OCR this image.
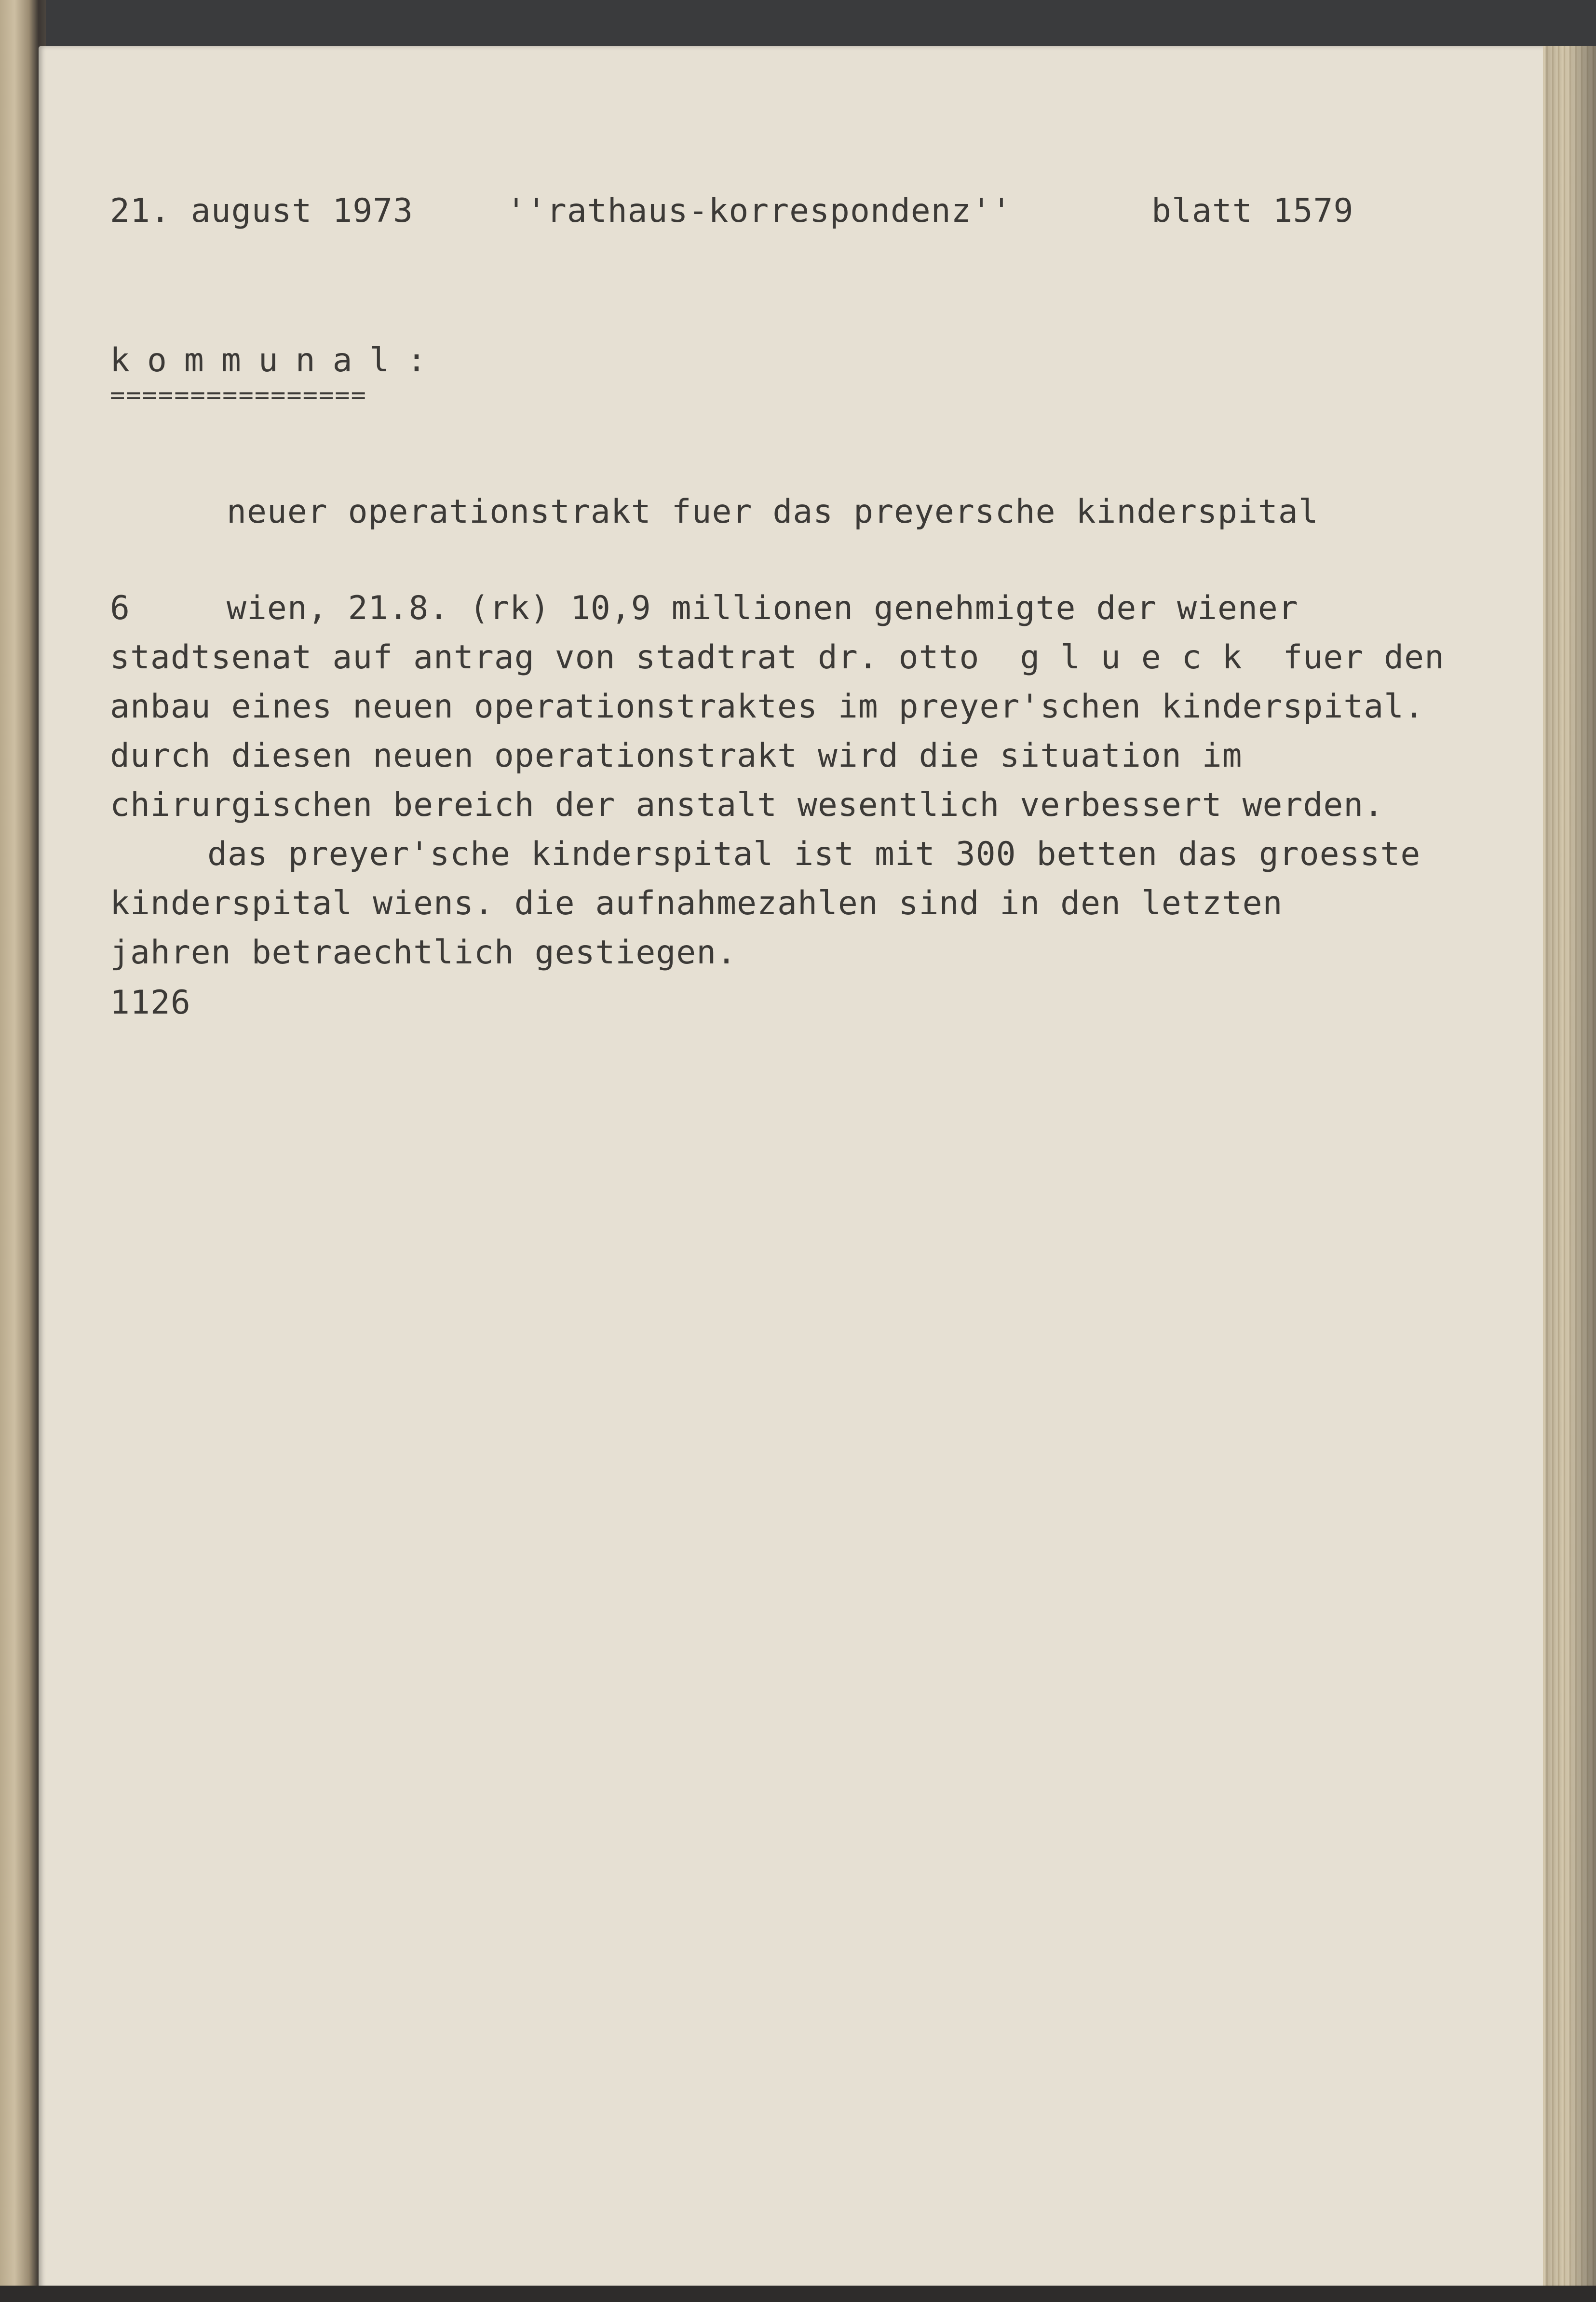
21. august 1973	''rathaus-korrespondenz''	blatt 1579
kommunal:
================
neuer operationstrakt fuer das preyersche kinderspital
6	wien, 21.8. (rk) 10,9 millionen genehmigte der wiener
stadtsenat auf antrag von stadtrat dr. otto  g l u e c k  fuer den
anbau eines neuen operationstraktes im preyer'schen kinderspital.
durch diesen neuen operationstrakt wird die situation im
chirurgischen bereich der anstalt wesentlich verbessert werden.
das preyer'sche kinderspital ist mit 300 betten das groesste
kinderspital wiens. die aufnahmezahlen sind in den letzten
jahren betraechtlich gestiegen.
1126
